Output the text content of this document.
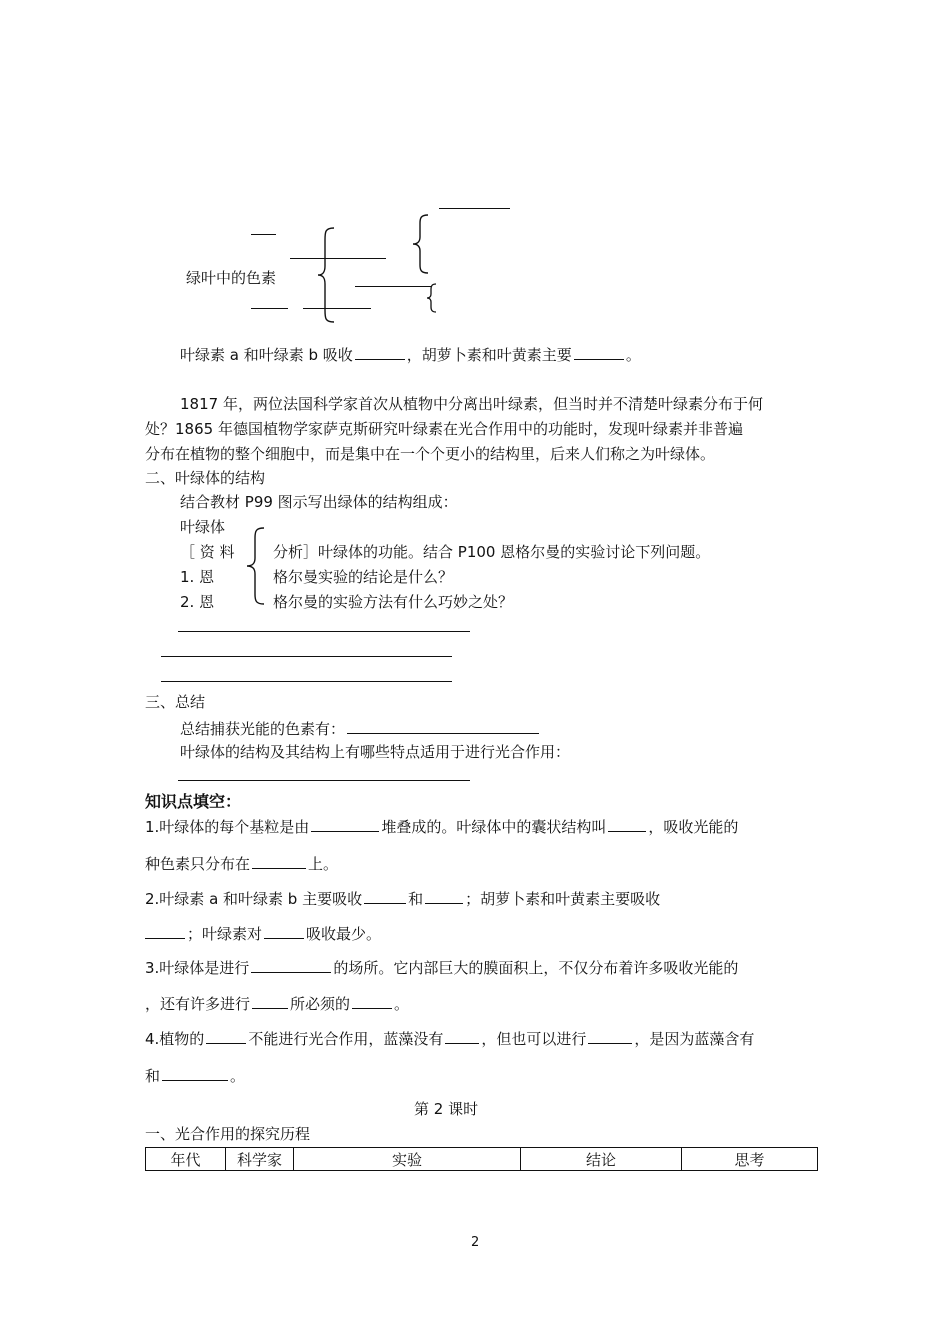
绿叶中的色素
叶绿素 a 和叶绿素 b 吸收	，胡萝卜素和叶黄素主要	。
1817 年，两位法国科学家首次从植物中分离出叶绿素，但当时并不清楚叶绿素分布于何
处？1865 年德国植物学家萨克斯研究叶绿素在光合作用中的功能时，发现叶绿素并非普遍
分布在植物的整个细胞中，而是集中在一个个更小的结构里，后来人们称之为叶绿体。
二、叶绿体的结构
结合教材 P99 图示写出绿体的结构组成：
叶绿体
［ 资 料	分析］叶绿体的功能。结合 P100 恩格尔曼的实验讨论下列问题。
1. 恩	格尔曼实验的结论是什么？
2. 恩	格尔曼的实验方法有什么巧妙之处？
三、总结
总结捕获光能的色素有：
叶绿体的结构及其结构上有哪些特点适用于进行光合作用：
知识点填空：
1.叶绿体的每个基粒是由	堆叠成的。叶绿体中的囊状结构叫	，吸收光能的
种色素只分布在	上。
2.叶绿素 a 和叶绿素 b 主要吸收	和	；胡萝卜素和叶黄素主要吸收
；叶绿素对	吸收最少。
3.叶绿体是进行	的场所。它内部巨大的膜面积上，不仅分布着许多吸收光能的
，还有许多进行	所必须的	。
4.植物的	不能进行光合作用，蓝藻没有	，但也可以进行	，是因为蓝藻含有
和	。
第 2 课时
一、光合作用的探究历程
年代	科学家	实验	结论	思考
2
